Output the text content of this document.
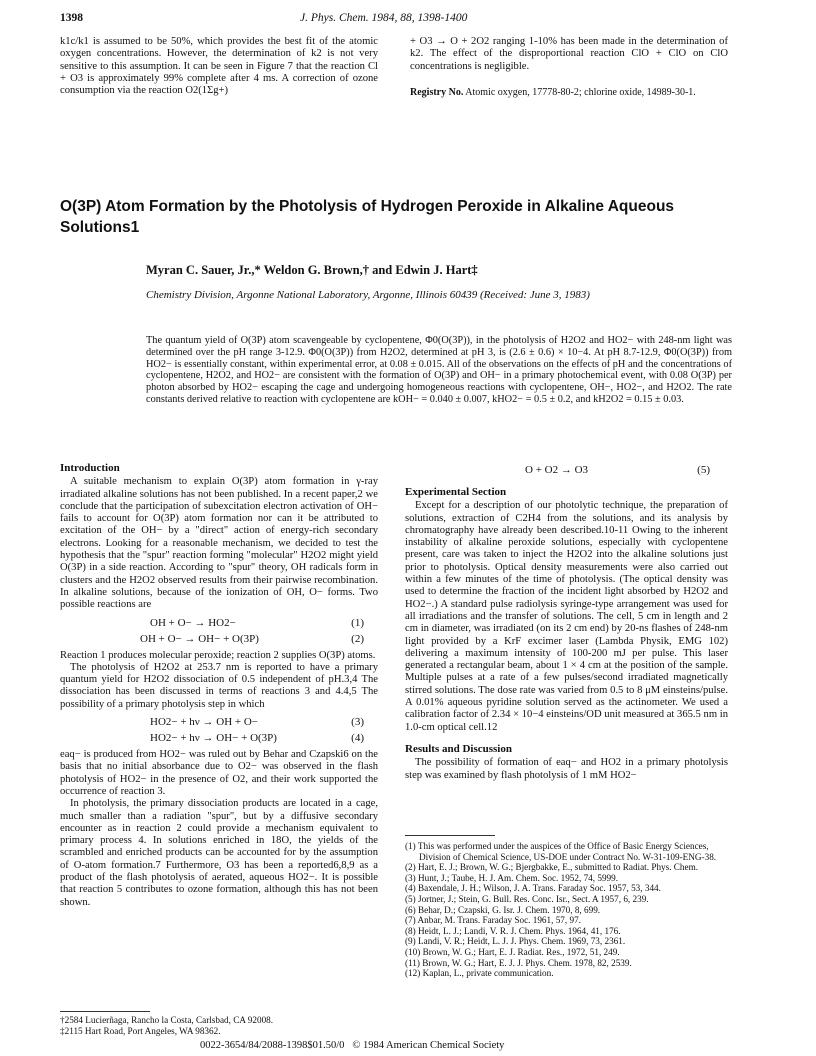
1398	J. Phys. Chem. 1984, 88, 1398-1400

k1c/k1 is assumed to be 50%, which provides the best fit of the atomic oxygen concentrations. However, the determination of k2 is not very sensitive to this assumption. It can be seen in Figure 7 that the reaction Cl + O3 is approximately 99% complete after 4 ms. A correction of ozone consumption via the reaction O2(1Σg+)

+ O3 → O + 2O2 ranging 1-10% has been made in the determination of k2. The effect of the disproportional reaction ClO + ClO on ClO concentrations is negligible.

Registry No. Atomic oxygen, 17778-80-2; chlorine oxide, 14989-30-1.

O(3P) Atom Formation by the Photolysis of Hydrogen Peroxide in Alkaline Aqueous Solutions1
Myran C. Sauer, Jr.,* Weldon G. Brown,† and Edwin J. Hart‡
Chemistry Division, Argonne National Laboratory, Argonne, Illinois 60439 (Received: June 3, 1983)
The quantum yield of O(3P) atom scavengeable by cyclopentene, Φ0(O(3P)), in the photolysis of H2O2 and HO2− with 248-nm light was determined over the pH range 3-12.9. Φ0(O(3P)) from H2O2, determined at pH 3, is (2.6 ± 0.6) × 10−4. At pH 8.7-12.9, Φ0(O(3P)) from HO2− is essentially constant, within experimental error, at 0.08 ± 0.015. All of the observations on the effects of pH and the concentrations of cyclopentene, H2O2, and HO2− are consistent with the formation of O(3P) and OH− in a primary photochemical event, with 0.08 O(3P) per photon absorbed by HO2− escaping the cage and undergoing homogeneous reactions with cyclopentene, OH−, HO2−, and H2O2. The rate constants derived relative to reaction with cyclopentene are kOH− = 0.040 ± 0.007, kHO2− = 0.5 ± 0.2, and kH2O2 = 0.15 ± 0.03.
Introduction

A suitable mechanism to explain O(3P) atom formation in γ-ray irradiated alkaline solutions has not been published. In a recent paper,2 we conclude that the participation of subexcitation electron activation of OH− fails to account for O(3P) atom formation nor can it be attributed to excitation of the OH− by a "direct" action of energy-rich secondary electrons. Looking for a reasonable mechanism, we decided to test the hypothesis that the "spur" reaction forming "molecular" H2O2 might yield O(3P) in a side reaction. According to "spur" theory, OH radicals form in clusters and the H2O2 observed results from their pairwise recombination. In alkaline solutions, because of the ionization of OH, O− forms. Two possible reactions are

OH + O− → HO2−	(1)
OH + O− → OH− + O(3P)	(2)

Reaction 1 produces molecular peroxide; reaction 2 supplies O(3P) atoms.

The photolysis of H2O2 at 253.7 nm is reported to have a primary quantum yield for H2O2 dissociation of 0.5 independent of pH.3,4 The dissociation has been discussed in terms of reactions 3 and 4.4,5 The possibility of a primary photolysis step in which

HO2− + hν → OH + O−	(3)
HO2− + hν → OH− + O(3P)	(4)

eaq− is produced from HO2− was ruled out by Behar and Czapski6 on the basis that no initial absorbance due to O2− was observed in the flash photolysis of HO2− in the presence of O2, and their work supported the occurrence of reaction 3.

In photolysis, the primary dissociation products are located in a cage, much smaller than a radiation "spur", but by a diffusive secondary encounter as in reaction 2 could provide a mechanism equivalent to primary process 4. In solutions enriched in 18O, the yields of the scrambled and enriched products can be accounted for by the assumption of O-atom formation.7 Furthermore, O3 has been a reported6,8,9 as a product of the flash photolysis of aerated, aqueous HO2−. It is possible that reaction 5 contributes to ozone formation, although this has not been shown.

†2584 Lucierñaga, Rancho la Costa, Carlsbad, CA 92008.
‡2115 Hart Road, Port Angeles, WA 98362.
O + O2 → O3	(5)
Experimental Section

Except for a description of our photolytic technique, the preparation of solutions, extraction of C2H4 from the solutions, and its analysis by chromatography have already been described.10-11 Owing to the inherent instability of alkaline peroxide solutions, especially with cyclopentene present, care was taken to inject the H2O2 into the alkaline solutions just prior to photolysis. Optical density measurements were also carried out within a few minutes of the time of photolysis. (The optical density was used to determine the fraction of the incident light absorbed by H2O2 and HO2−.) A standard pulse radiolysis syringe-type arrangement was used for all irradiations and the transfer of solutions. The cell, 5 cm in length and 2 cm in diameter, was irradiated (on its 2 cm end) by 20-ns flashes of 248-nm light provided by a KrF excimer laser (Lambda Physik, EMG 102) delivering a maximum intensity of 100-200 mJ per pulse. This laser generated a rectangular beam, about 1 × 4 cm at the position of the sample. Multiple pulses at a rate of a few pulses/second irradiated magnetically stirred solutions. The dose rate was varied from 0.5 to 8 μM einsteins/pulse. A 0.01% aqueous pyridine solution served as the actinometer. We used a calibration factor of 2.34 × 10−4 einsteins/OD unit measured at 365.5 nm in 1.0-cm optical cell.12

Results and Discussion

The possibility of formation of eaq− and HO2 in a primary photolysis step was examined by flash photolysis of 1 mM HO2−

(1) This was performed under the auspices of the Office of Basic Energy Sciences, Division of Chemical Science, US-DOE under Contract No. W-31-109-ENG-38.
(2) Hart, E. J.; Brown, W. G.; Bjergbakke, E., submitted to Radiat. Phys. Chem.
(3) Hunt, J.; Taube, H. J. Am. Chem. Soc. 1952, 74, 5999.
(4) Baxendale, J. H.; Wilson, J. A. Trans. Faraday Soc. 1957, 53, 344.
(5) Jortner, J.; Stein, G. Bull. Res. Conc. Isr., Sect. A 1957, 6, 239.
(6) Behar, D.; Czapski, G. Isr. J. Chem. 1970, 8, 699.
(7) Anbar, M. Trans. Faraday Soc. 1961, 57, 97.
(8) Heidt, L. J.; Landi, V. R. J. Chem. Phys. 1964, 41, 176.
(9) Landi, V. R.; Heidt, L. J. J. Phys. Chem. 1969, 73, 2361.
(10) Brown, W. G.; Hart, E. J. Radiat. Res., 1972, 51, 249.
(11) Brown, W. G.; Hart, E. J. J. Phys. Chem. 1978, 82, 2539.
(12) Kaplan, L., private communication.
0022-3654/84/2088-1398$01.50/0 © 1984 American Chemical Society
